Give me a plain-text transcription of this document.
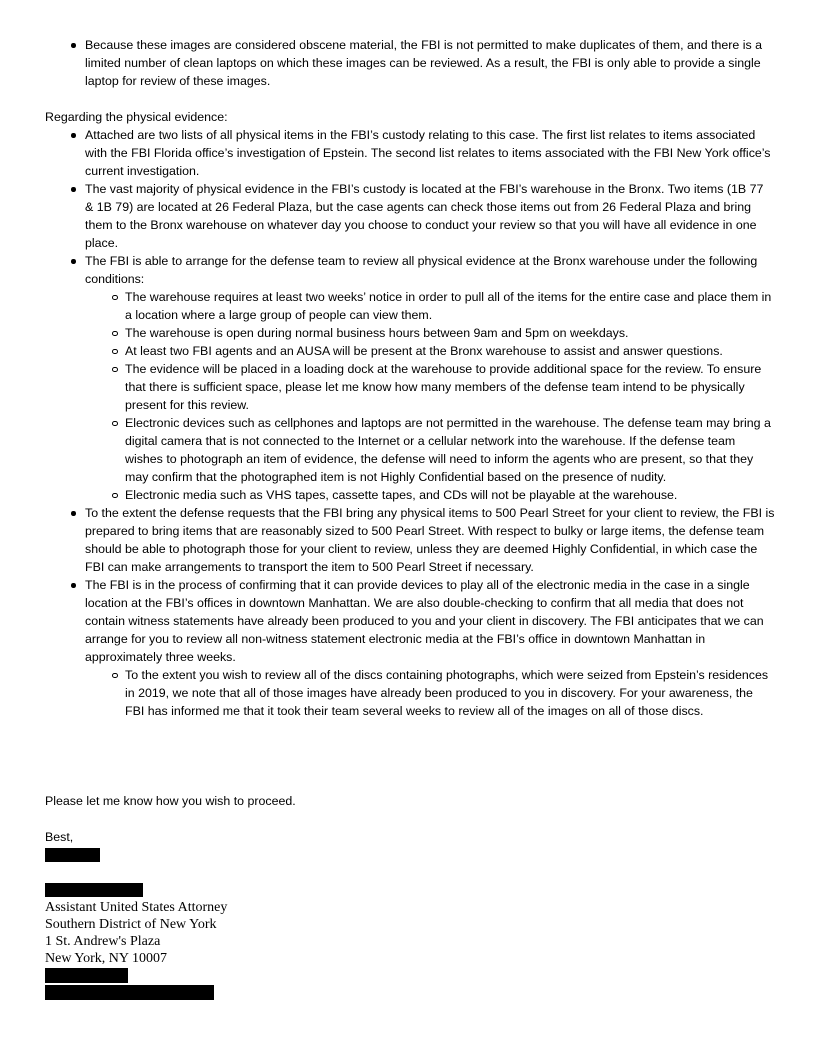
Because these images are considered obscene material, the FBI is not permitted to make duplicates of them, and there is a limited number of clean laptops on which these images can be reviewed. As a result, the FBI is only able to provide a single laptop for review of these images.
Regarding the physical evidence:
Attached are two lists of all physical items in the FBI’s custody relating to this case. The first list relates to items associated with the FBI Florida office’s investigation of Epstein. The second list relates to items associated with the FBI New York office’s current investigation.
The vast majority of physical evidence in the FBI’s custody is located at the FBI’s warehouse in the Bronx. Two items (1B 77 & 1B 79) are located at 26 Federal Plaza, but the case agents can check those items out from 26 Federal Plaza and bring them to the Bronx warehouse on whatever day you choose to conduct your review so that you will have all evidence in one place.
The FBI is able to arrange for the defense team to review all physical evidence at the Bronx warehouse under the following conditions:
The warehouse requires at least two weeks’ notice in order to pull all of the items for the entire case and place them in a location where a large group of people can view them.
The warehouse is open during normal business hours between 9am and 5pm on weekdays.
At least two FBI agents and an AUSA will be present at the Bronx warehouse to assist and answer questions.
The evidence will be placed in a loading dock at the warehouse to provide additional space for the review. To ensure that there is sufficient space, please let me know how many members of the defense team intend to be physically present for this review.
Electronic devices such as cellphones and laptops are not permitted in the warehouse. The defense team may bring a digital camera that is not connected to the Internet or a cellular network into the warehouse. If the defense team wishes to photograph an item of evidence, the defense will need to inform the agents who are present, so that they may confirm that the photographed item is not Highly Confidential based on the presence of nudity.
Electronic media such as VHS tapes, cassette tapes, and CDs will not be playable at the warehouse.
To the extent the defense requests that the FBI bring any physical items to 500 Pearl Street for your client to review, the FBI is prepared to bring items that are reasonably sized to 500 Pearl Street. With respect to bulky or large items, the defense team should be able to photograph those for your client to review, unless they are deemed Highly Confidential, in which case the FBI can make arrangements to transport the item to 500 Pearl Street if necessary.
The FBI is in the process of confirming that it can provide devices to play all of the electronic media in the case in a single location at the FBI’s offices in downtown Manhattan. We are also double-checking to confirm that all media that does not contain witness statements have already been produced to you and your client in discovery. The FBI anticipates that we can arrange for you to review all non-witness statement electronic media at the FBI’s office in downtown Manhattan in approximately three weeks.
To the extent you wish to review all of the discs containing photographs, which were seized from Epstein’s residences in 2019, we note that all of those images have already been produced to you in discovery. For your awareness, the FBI has informed me that it took their team several weeks to review all of the images on all of those discs.
Please let me know how you wish to proceed.
Best,
Assistant United States Attorney
Southern District of New York
1 St. Andrew's Plaza
New York, NY 10007
